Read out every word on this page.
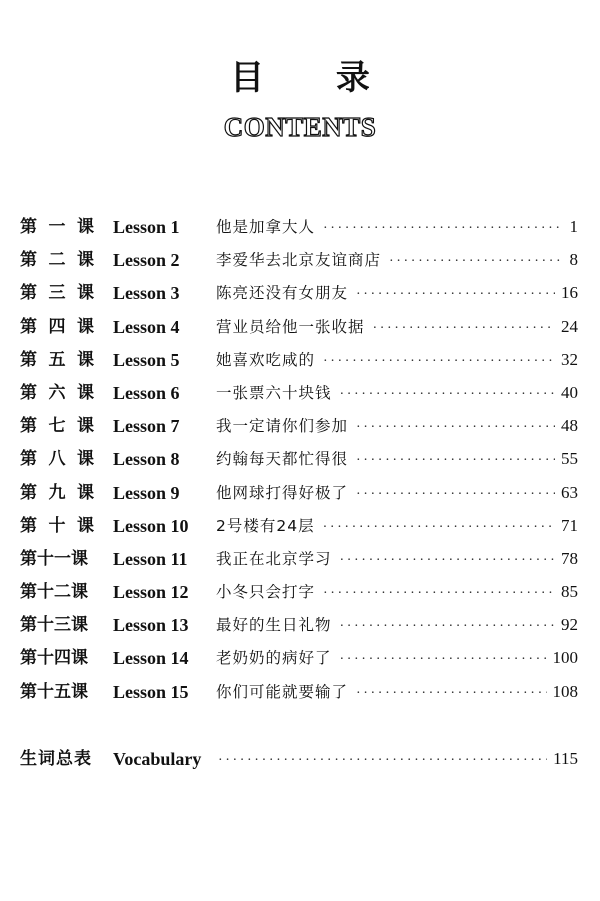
目 录
CONTENTS
第 一 课 Lesson 1 他是加拿大人 ·····	1
第 二 课 Lesson 2 李爱华去北京友谊商店 ·····	8
第 三 课 Lesson 3 陈亮还没有女朋友 ·····	16
第 四 课 Lesson 4 营业员给他一张收据 ·····	24
第 五 课 Lesson 5 她喜欢吃咸的 ·····	32
第 六 课 Lesson 6 一张票六十块钱 ·····	40
第 七 课 Lesson 7 我一定请你们参加 ·····	48
第 八 课 Lesson 8 约翰每天都忙得很 ·····	55
第 九 课 Lesson 9 他网球打得好极了 ·····	63
第 十 课 Lesson 10 2号楼有24层 ·····	71
第 十一 课 Lesson 11 我正在北京学习 ·····	78
第 十二 课 Lesson 12 小冬只会打字 ·····	85
第 十三 课 Lesson 13 最好的生日礼物 ·····	92
第 十四 课 Lesson 14 老奶奶的病好了 ·····	100
第 十五 课 Lesson 15 你们可能就要输了 ·····	108
生词总表 Vocabulary ·····	115
